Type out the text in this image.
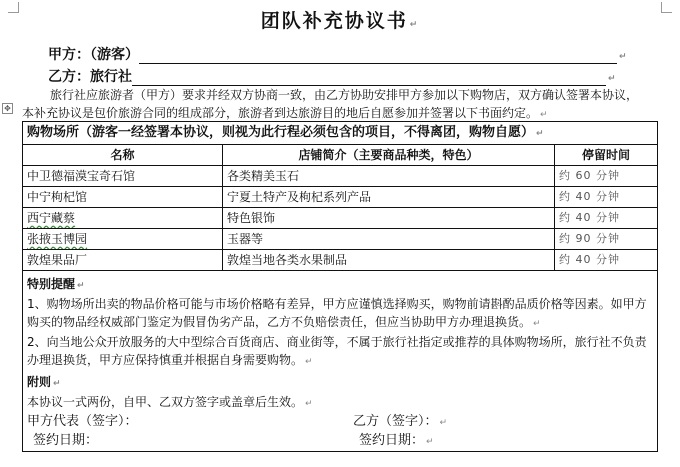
团队补充协议书 ↵
甲方：（游客）	↵
乙方：旅行社	↵
旅行社应旅游者（甲方）要求并经双方协商一致，由乙方协助安排甲方参加以下购物店，双方确认签署本协议，
本补充协议是包价旅游合同的组成部分，旅游者到达旅游目的地后自愿参加并签署以下书面约定。 ↵
✥
购物场所（游客一经签署本协议，则视为此行程必须包含的项目，不得离团，购物自愿） ↵
名称	店铺简介（主要商品种类，特色）	停留时间
中卫德福漠宝奇石馆	各类精美玉石	约 60 分钟
中宁枸杞馆	宁夏土特产及枸杞系列产品	约 40 分钟
西宁藏蔡	特色银饰	约 40 分钟
张掖玉博园	玉器等	约 90 分钟
敦煌果品厂	敦煌当地各类水果制品	约 40 分钟
特别提醒 ↵

1、购物场所出卖的物品价格可能与市场价格略有差异，甲方应谨慎选择购买，购物前请斟酌品质价格等因素。如甲方购买的物品经权威部门鉴定为假冒伪劣产品，乙方不负赔偿责任，但应当协助甲方办理退换货。 ↵

2、向当地公众开放服务的大中型综合百货商店、商业街等，不属于旅行社指定或推荐的具体购物场所，旅行社不负责办理退换货，甲方应保持慎重并根据自身需要购物。 ↵

附则 ↵

本协议一式两份，自甲、乙双方签字或盖章后生效。 ↵

甲方代表（签字）：	乙方（签字）： ↵
签约日期：	签约日期： ↵
